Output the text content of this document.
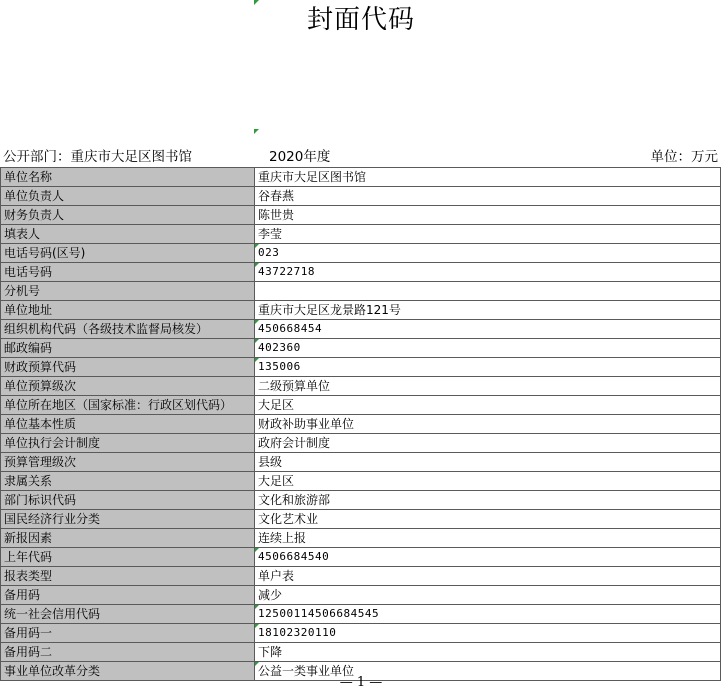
封面代码
公开部门：重庆市大足区图书馆	2020年度	单位：万元
单位名称	重庆市大足区图书馆
单位负责人	谷春燕
财务负责人	陈世贵
填表人	李莹
电话号码(区号)	023

电话号码	43722718

分机号	
单位地址	重庆市大足区龙景路121号
组织机构代码（各级技术监督局核发）	450668454

邮政编码	402360

财政预算代码	135006

单位预算级次	二级预算单位
单位所在地区（国家标准：行政区划代码）	大足区
单位基本性质	财政补助事业单位
单位执行会计制度	政府会计制度
预算管理级次	县级
隶属关系	大足区
部门标识代码	文化和旅游部
国民经济行业分类	文化艺术业
新报因素	连续上报
上年代码	4506684540

报表类型	单户表
备用码	减少
统一社会信用代码	12500114506684545

备用码一	18102320110

备用码二	下降
事业单位改革分类	公益一类事业单位
— 1 —
